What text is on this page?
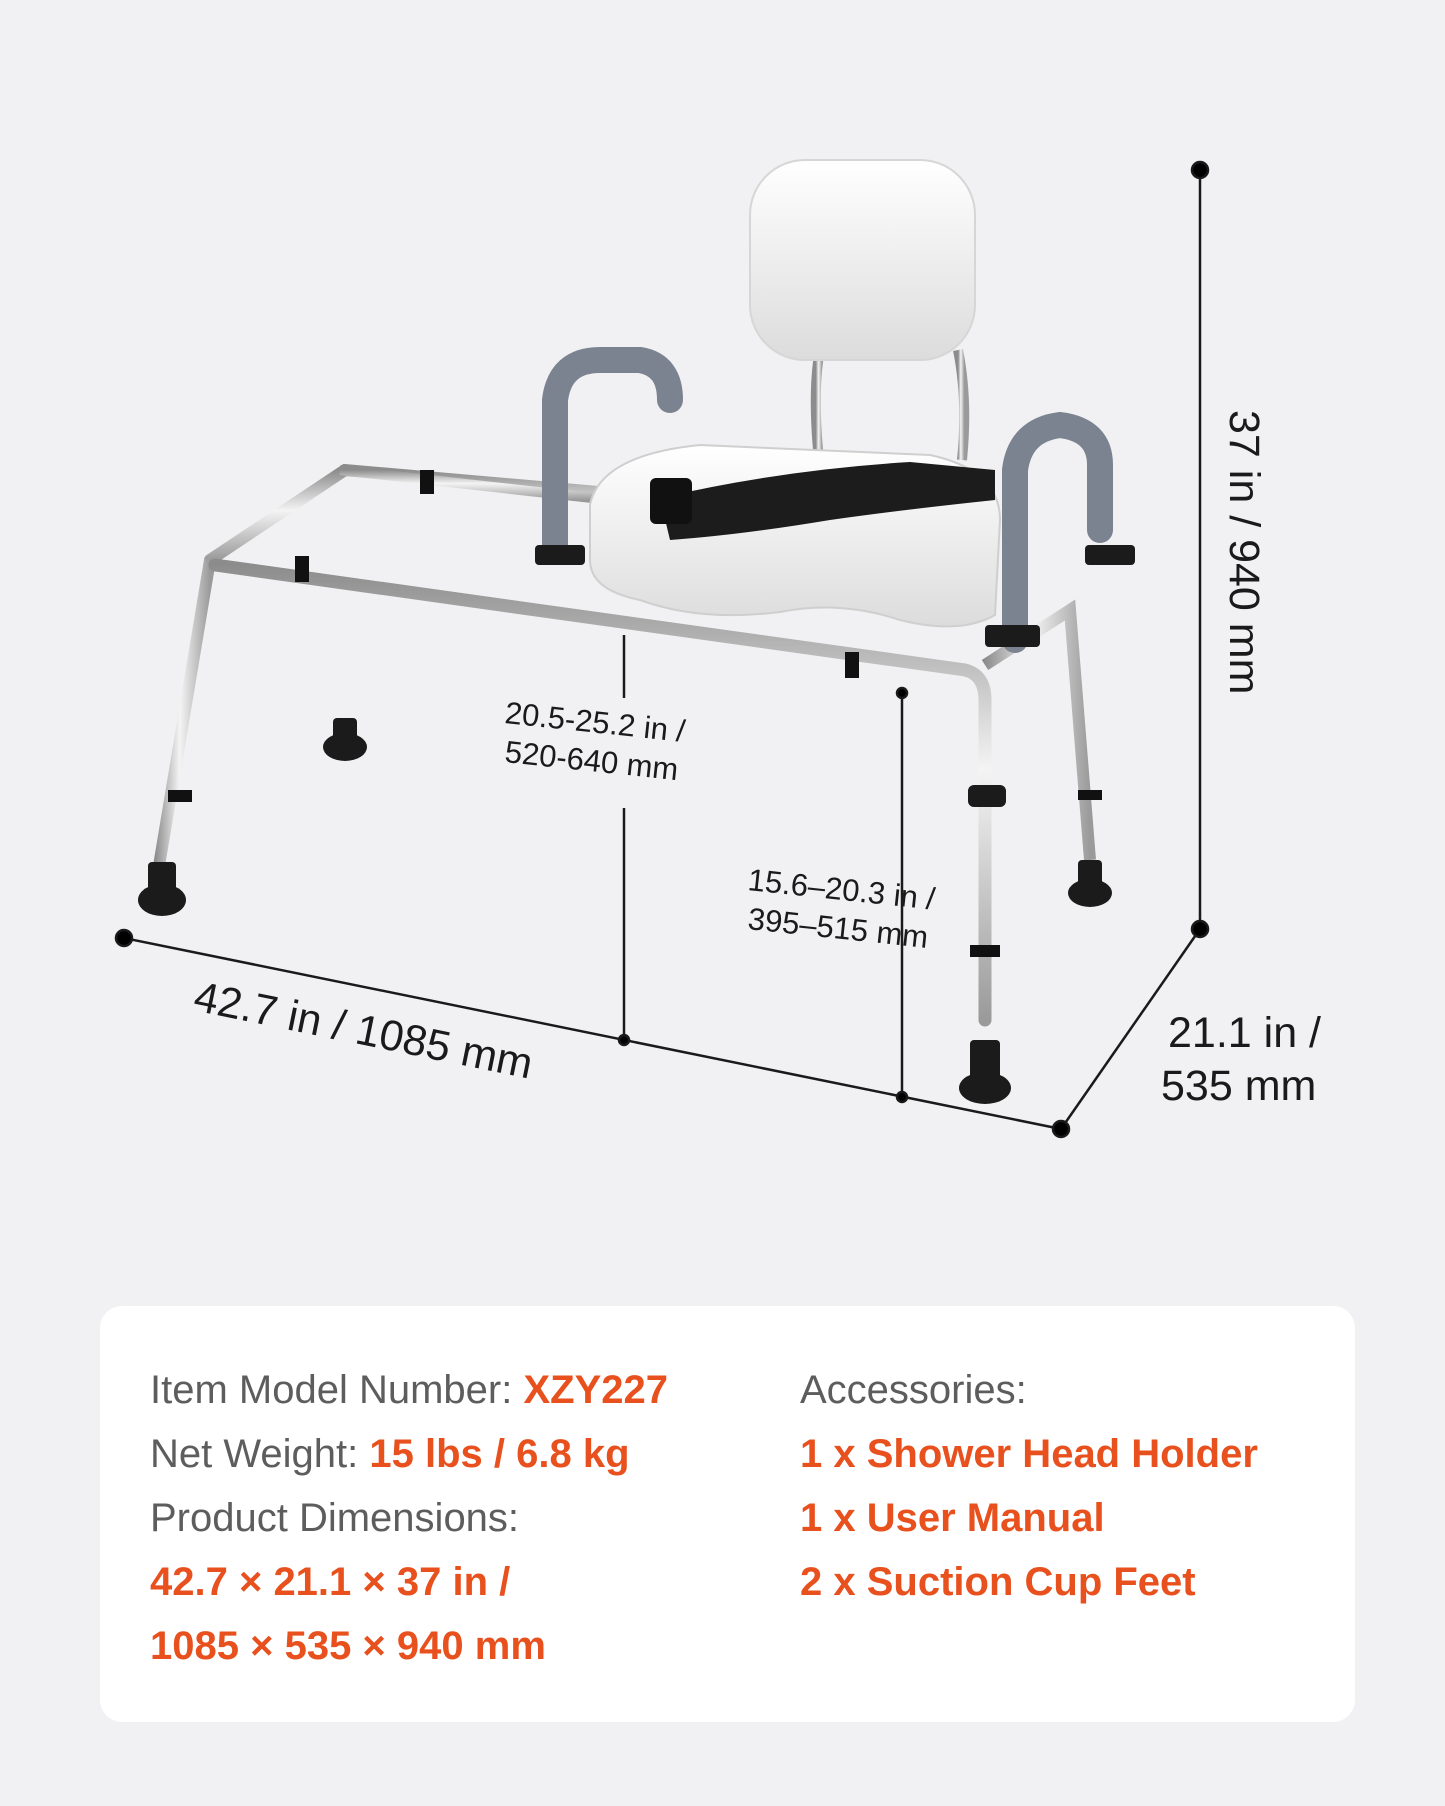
42.7 in / 1085 mm	21.1 in /
535 mm
37 in / 940 mm
20.5-25.2 in /
520-640 mm
15.6–20.3 in /
395–515 mm
Item Model Number: XZY227
Net Weight: 15 lbs / 6.8 kg
Product Dimensions:
42.7 × 21.1 × 37 in /
1085 × 535 × 940 mm
Accessories:
1 x Shower Head Holder
1 x User Manual
2 x Suction Cup Feet
